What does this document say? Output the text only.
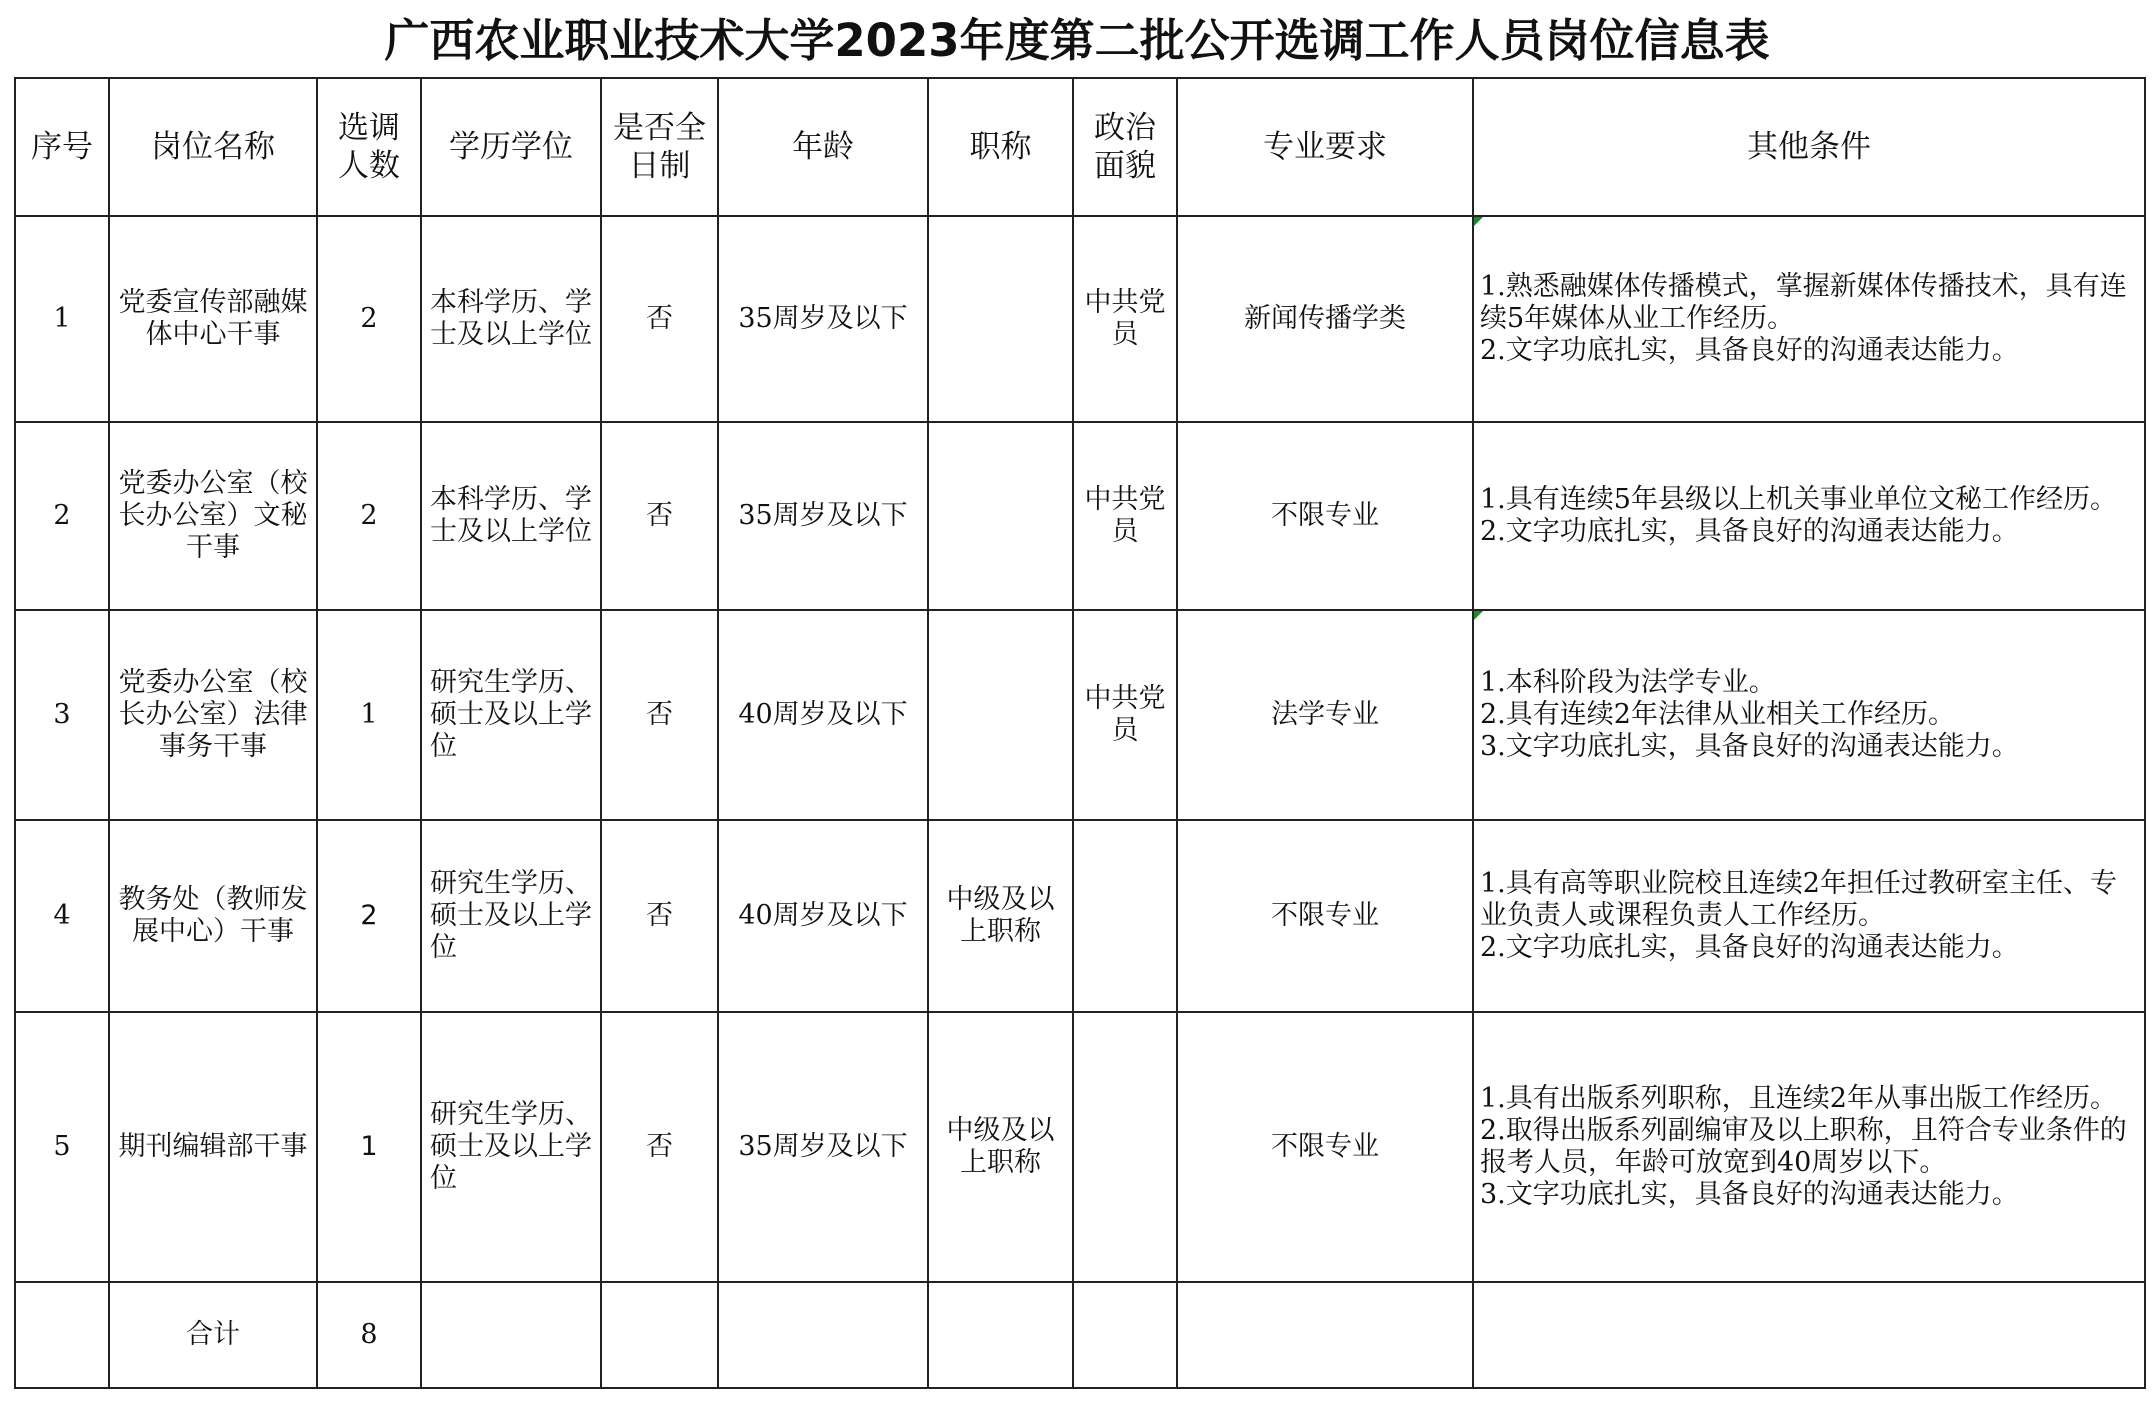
广西农业职业技术大学2023年度第二批公开选调工作人员岗位信息表
序号	岗位名称	选调人数	学历学位	是否全日制	年龄	职称	政治面貌	专业要求	其他条件
1	党委宣传部融媒体中心干事	2	本科学历、学士及以上学位	否	35周岁及以下		中共党员	新闻传播学类	1.熟悉融媒体传播模式，掌握新媒体传播技术，具有连续5年媒体从业工作经历。
2.文字功底扎实，具备良好的沟通表达能力。

2	党委办公室（校长办公室）文秘干事	2	本科学历、学士及以上学位	否	35周岁及以下		中共党员	不限专业	1.具有连续5年县级以上机关事业单位文秘工作经历。
2.文字功底扎实，具备良好的沟通表达能力。

3	党委办公室（校长办公室）法律事务干事	1	研究生学历、硕士及以上学位	否	40周岁及以下		中共党员	法学专业	1.本科阶段为法学专业。
2.具有连续2年法律从业相关工作经历。
3.文字功底扎实，具备良好的沟通表达能力。

4	教务处（教师发展中心）干事	2	研究生学历、硕士及以上学位	否	40周岁及以下	中级及以上职称		不限专业	1.具有高等职业院校且连续2年担任过教研室主任、专业负责人或课程负责人工作经历。
2.文字功底扎实，具备良好的沟通表达能力。

5	期刊编辑部干事	1	研究生学历、硕士及以上学位	否	35周岁及以下	中级及以上职称		不限专业	1.具有出版系列职称，且连续2年从事出版工作经历。
2.取得出版系列副编审及以上职称，且符合专业条件的报考人员，年龄可放宽到40周岁以下。
3.文字功底扎实，具备良好的沟通表达能力。

	合计	8							
